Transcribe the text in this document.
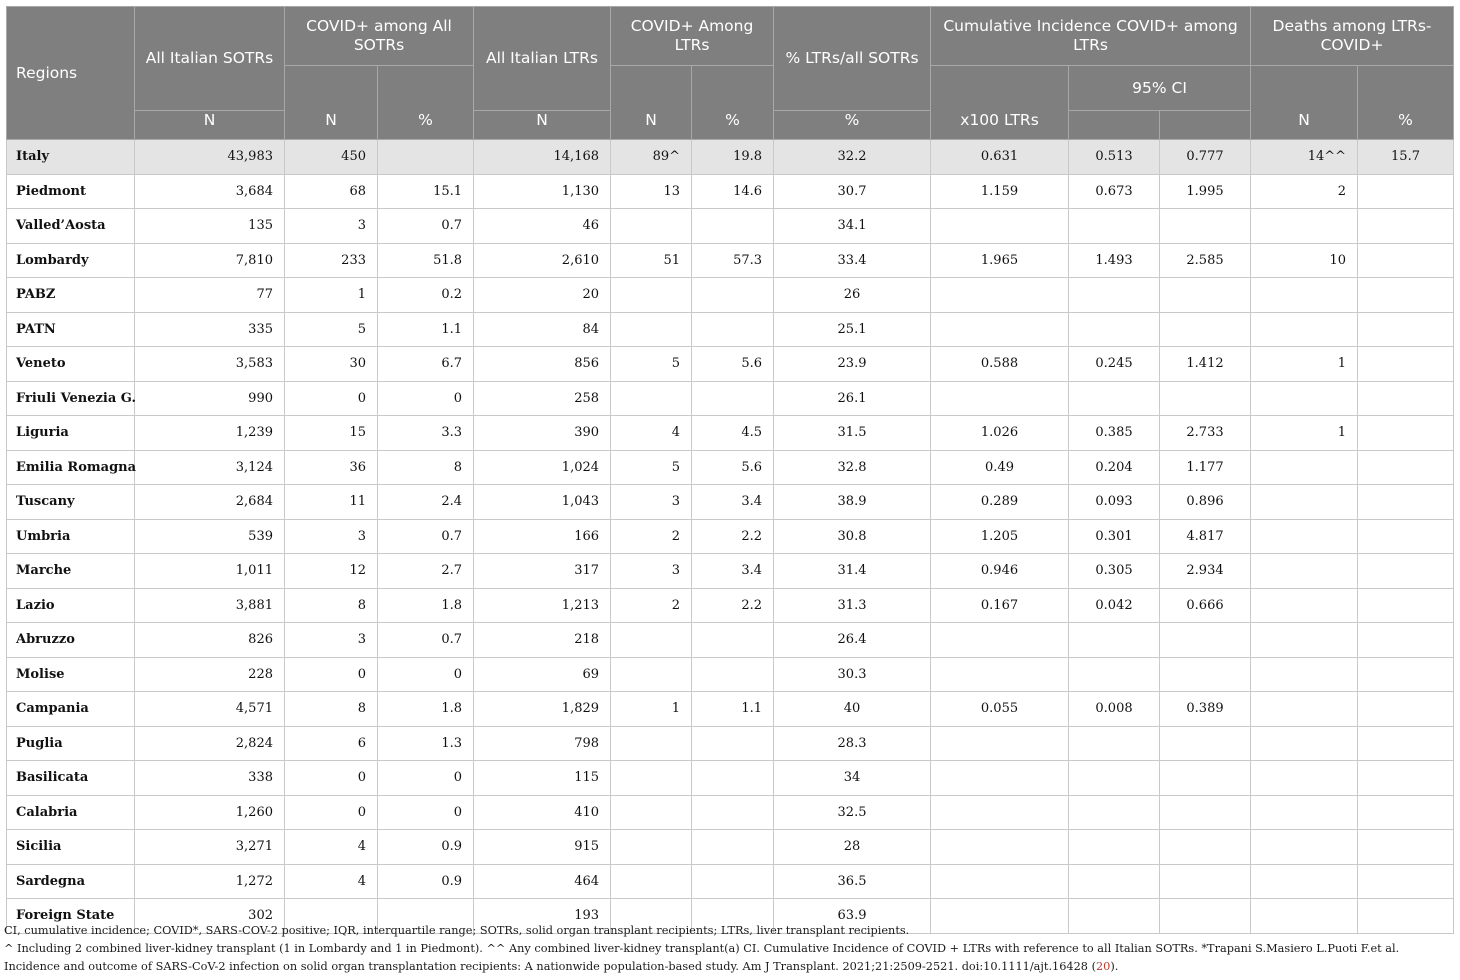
Regions	All Italian SOTRs	COVID+ among All SOTRs		All Italian LTRs	COVID+ Among LTRs		% LTRs/all SOTRs	Cumulative Incidence COVID+ among LTRs			Deaths among LTRs-COVID+	
		N	%		N	%		x100 LTRs	95% CI		N	%
	N			N			%					
Italy	43,983	450		14,168	89^	19.8	32.2	0.631	0.513	0.777	14^^	15.7
Piedmont	3,684	68	15.1	1,130	13	14.6	30.7	1.159	0.673	1.995	2	
Valled’Aosta	135	3	0.7	46			34.1					
Lombardy	7,810	233	51.8	2,610	51	57.3	33.4	1.965	1.493	2.585	10	
PABZ	77	1	0.2	20			26					
PATN	335	5	1.1	84			25.1					
Veneto	3,583	30	6.7	856	5	5.6	23.9	0.588	0.245	1.412	1	
Friuli Venezia G.	990	0	0	258			26.1					
Liguria	1,239	15	3.3	390	4	4.5	31.5	1.026	0.385	2.733	1	
Emilia Romagna	3,124	36	8	1,024	5	5.6	32.8	0.49	0.204	1.177		
Tuscany	2,684	11	2.4	1,043	3	3.4	38.9	0.289	0.093	0.896		
Umbria	539	3	0.7	166	2	2.2	30.8	1.205	0.301	4.817		
Marche	1,011	12	2.7	317	3	3.4	31.4	0.946	0.305	2.934		
Lazio	3,881	8	1.8	1,213	2	2.2	31.3	0.167	0.042	0.666		
Abruzzo	826	3	0.7	218			26.4					
Molise	228	0	0	69			30.3					
Campania	4,571	8	1.8	1,829	1	1.1	40	0.055	0.008	0.389		
Puglia	2,824	6	1.3	798			28.3					
Basilicata	338	0	0	115			34					
Calabria	1,260	0	0	410			32.5					
Sicilia	3,271	4	0.9	915			28					
Sardegna	1,272	4	0.9	464			36.5					
Foreign State	302			193			63.9					

CI, cumulative incidence; COVID*, SARS-COV-2 positive; IQR, interquartile range; SOTRs, solid organ transplant recipients; LTRs, liver transplant recipients.

^ Including 2 combined liver-kidney transplant (1 in Lombardy and 1 in Piedmont). ^^ Any combined liver-kidney transplant(a) CI. Cumulative Incidence of COVID + LTRs with reference to all Italian SOTRs. *Trapani S.Masiero L.Puoti F.et al. Incidence and outcome of SARS-CoV-2 infection on solid organ transplantation recipients: A nationwide population-based study. Am J Transplant. 2021;21:2509-2521. doi:10.1111/ajt.16428 (20).
